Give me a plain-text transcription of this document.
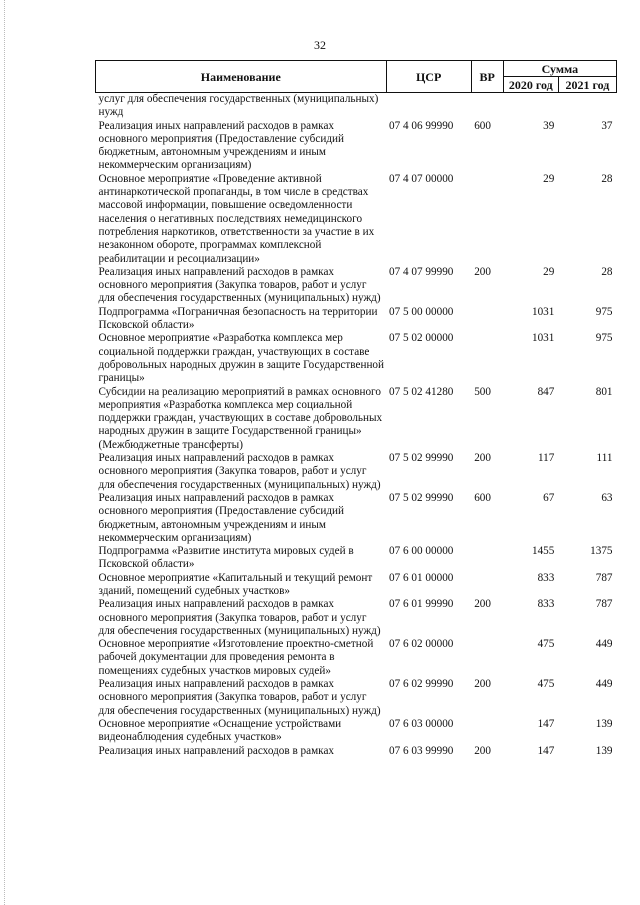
32
Наименование	ЦСР	ВР	Сумма	
			2020 год	2021 год
услуг для обеспечения государственных (муниципальных) нужд				
Реализация иных направлений расходов в рамках основного мероприятия (Предоставление субсидий бюджетным, автономным учреждениям и иным некоммерческим организациям)	07 4 06 99990	600	39	37
Основное мероприятие «Проведение активной антинаркотической пропаганды, в том числе в средствах массовой информации, повышение осведомленности населения о негативных последствиях немедицинского потребления наркотиков, ответственности за участие в их незаконном обороте, программах комплексной реабилитации и ресоциализации»	07 4 07 00000		29	28
Реализация иных направлений расходов в рамках основного мероприятия (Закупка товаров, работ и услуг для обеспечения государственных (муниципальных) нужд)	07 4 07 99990	200	29	28
Подпрограмма «Пограничная безопасность на территории Псковской области»	07 5 00 00000		1031	975
Основное мероприятие «Разработка комплекса мер социальной поддержки граждан, участвующих в составе добровольных народных дружин в защите Государственной границы»	07 5 02 00000		1031	975
Субсидии на реализацию мероприятий в рамках основного мероприятия «Разработка комплекса мер социальной поддержки граждан, участвующих в составе добровольных народных дружин в защите Государственной границы» (Межбюджетные трансферты)	07 5 02 41280	500	847	801
Реализация иных направлений расходов в рамках основного мероприятия (Закупка товаров, работ и услуг для обеспечения государственных (муниципальных) нужд)	07 5 02 99990	200	117	111
Реализация иных направлений расходов в рамках основного мероприятия (Предоставление субсидий бюджетным, автономным учреждениям и иным некоммерческим организациям)	07 5 02 99990	600	67	63
Подпрограмма «Развитие института мировых судей в Псковской области»	07 6 00 00000		1455	1375
Основное мероприятие «Капитальный и текущий ремонт зданий, помещений судебных участков»	07 6 01 00000		833	787
Реализация иных направлений расходов в рамках основного мероприятия (Закупка товаров, работ и услуг для обеспечения государственных (муниципальных) нужд)	07 6 01 99990	200	833	787
Основное мероприятие «Изготовление проектно-сметной рабочей документации для проведения ремонта в помещениях судебных участков мировых судей»	07 6 02 00000		475	449
Реализация иных направлений расходов в рамках основного мероприятия (Закупка товаров, работ и услуг для обеспечения государственных (муниципальных) нужд)	07 6 02 99990	200	475	449
Основное мероприятие «Оснащение устройствами видеонаблюдения судебных участков»	07 6 03 00000		147	139
Реализация иных направлений расходов в рамках	07 6 03 99990	200	147	139
